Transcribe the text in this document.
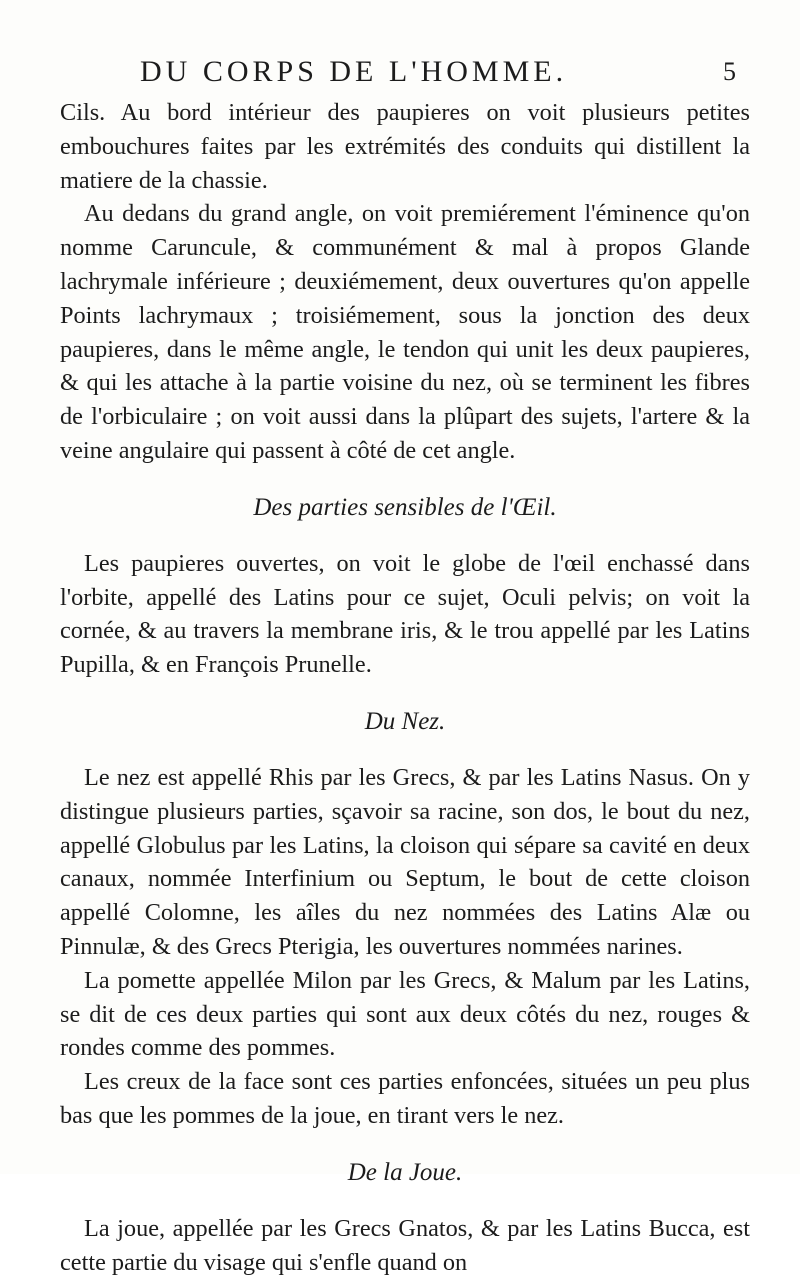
DU CORPS DE L'HOMME.	5

Cils. Au bord intérieur des paupieres on voit plusieurs petites embouchures faites par les extrémités des conduits qui distillent la matiere de la chassie.

Au dedans du grand angle, on voit premiérement l'éminence qu'on nomme Caruncule, & communément & mal à propos Glande lachrymale inférieure ; deuxiémement, deux ouvertures qu'on appelle Points lachrymaux ; troisiémement, sous la jonction des deux paupieres, dans le même angle, le tendon qui unit les deux paupieres, & qui les attache à la partie voisine du nez, où se terminent les fibres de l'orbiculaire ; on voit aussi dans la plûpart des sujets, l'artere & la veine angulaire qui passent à côté de cet angle.

Des parties sensibles de l'Œil.

Les paupieres ouvertes, on voit le globe de l'œil enchassé dans l'orbite, appellé des Latins pour ce sujet, Oculi pelvis; on voit la cornée, & au travers la membrane iris, & le trou appellé par les Latins Pupilla, & en François Prunelle.

Du Nez.

Le nez est appellé Rhis par les Grecs, & par les Latins Nasus. On y distingue plusieurs parties, sçavoir sa racine, son dos, le bout du nez, appellé Globulus par les Latins, la cloison qui sépare sa cavité en deux canaux, nommée Interfinium ou Septum, le bout de cette cloison appellé Colomne, les aîles du nez nommées des Latins Alæ ou Pinnulæ, & des Grecs Pterigia, les ouvertures nommées narines.

La pomette appellée Milon par les Grecs, & Malum par les Latins, se dit de ces deux parties qui sont aux deux côtés du nez, rouges & rondes comme des pommes.

Les creux de la face sont ces parties enfoncées, situées un peu plus bas que les pommes de la joue, en tirant vers le nez.

De la Joue.

La joue, appellée par les Grecs Gnatos, & par les Latins Bucca, est cette partie du visage qui s'enfle quand on
